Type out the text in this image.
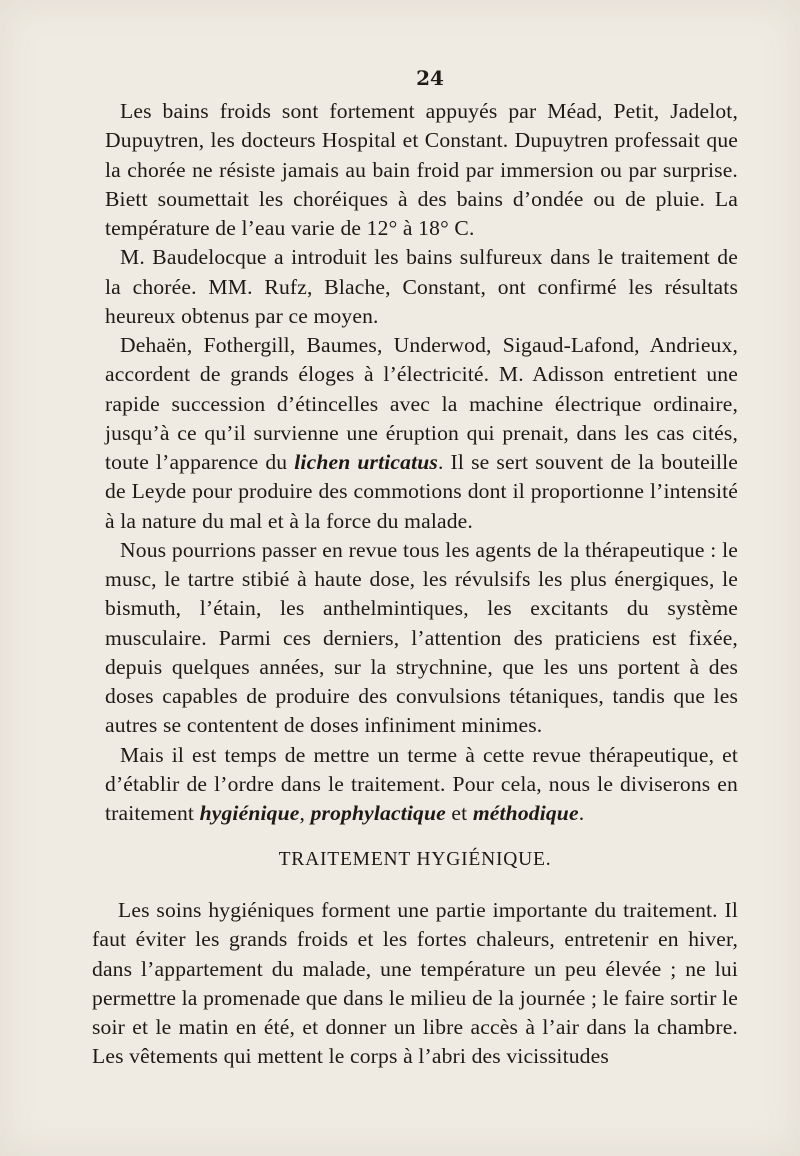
24

Les bains froids sont fortement appuyés par Méad, Petit, Jadelot, Dupuytren, les docteurs Hospital et Constant. Dupuytren professait que la chorée ne résiste jamais au bain froid par immersion ou par surprise. Biett soumettait les choréiques à des bains d’ondée ou de pluie. La température de l’eau varie de 12° à 18° C.

M. Baudelocque a introduit les bains sulfureux dans le traitement de la chorée. MM. Rufz, Blache, Constant, ont confirmé les résultats heureux obtenus par ce moyen.

Dehaën, Fothergill, Baumes, Underwod, Sigaud-Lafond, Andrieux, accordent de grands éloges à l’électricité. M. Adisson entretient une rapide succession d’étincelles avec la machine électrique ordinaire, jusqu’à ce qu’il survienne une éruption qui prenait, dans les cas cités, toute l’apparence du lichen urticatus. Il se sert souvent de la bouteille de Leyde pour produire des commotions dont il proportionne l’intensité à la nature du mal et à la force du malade.

Nous pourrions passer en revue tous les agents de la thérapeutique : le musc, le tartre stibié à haute dose, les révulsifs les plus énergiques, le bismuth, l’étain, les anthelmintiques, les excitants du système musculaire. Parmi ces derniers, l’attention des praticiens est fixée, depuis quelques années, sur la strychnine, que les uns portent à des doses capables de produire des convulsions tétaniques, tandis que les autres se contentent de doses infiniment minimes.

Mais il est temps de mettre un terme à cette revue thérapeutique, et d’établir de l’ordre dans le traitement. Pour cela, nous le diviserons en traitement hygiénique, prophylactique et méthodique.

TRAITEMENT HYGIÉNIQUE.

Les soins hygiéniques forment une partie importante du traitement. Il faut éviter les grands froids et les fortes chaleurs, entretenir en hiver, dans l’appartement du malade, une température un peu élevée ; ne lui permettre la promenade que dans le milieu de la journée ; le faire sortir le soir et le matin en été, et donner un libre accès à l’air dans la chambre. Les vêtements qui mettent le corps à l’abri des vicissitudes
